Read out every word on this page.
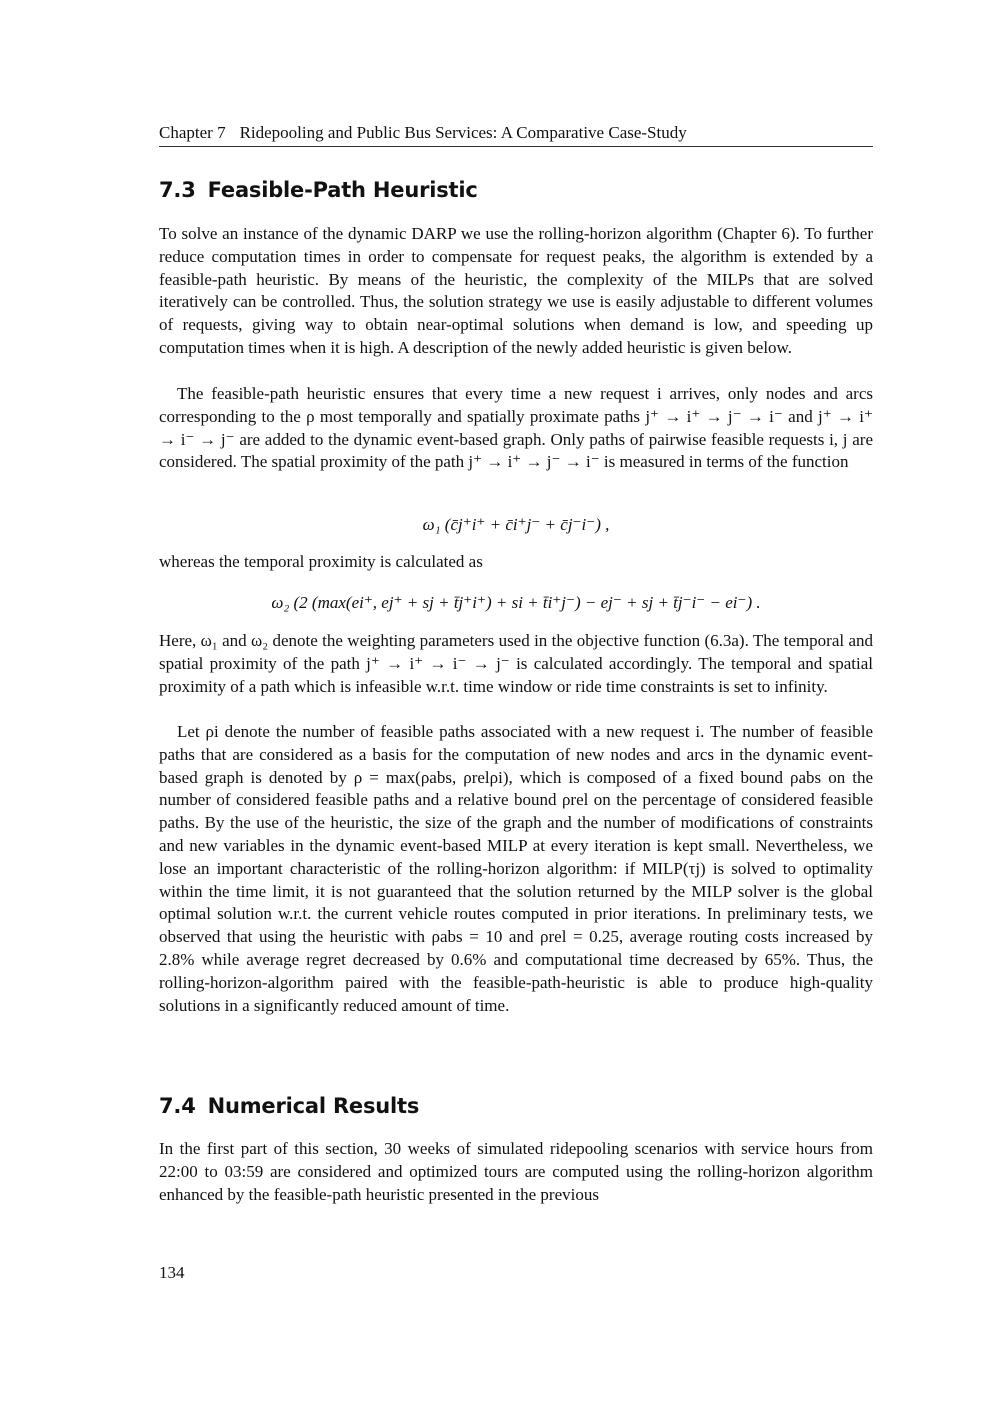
Chapter 7 Ridepooling and Public Bus Services: A Comparative Case-Study
7.3 Feasible-Path Heuristic

To solve an instance of the dynamic DARP we use the rolling-horizon algorithm (Chapter 6). To further reduce computation times in order to compensate for request peaks, the algorithm is extended by a feasible-path heuristic. By means of the heuristic, the complexity of the MILPs that are solved iteratively can be controlled. Thus, the solution strategy we use is easily adjustable to different volumes of requests, giving way to obtain near-optimal solutions when demand is low, and speeding up computation times when it is high. A description of the newly added heuristic is given below.

The feasible-path heuristic ensures that every time a new request i arrives, only nodes and arcs corresponding to the ρ most temporally and spatially proximate paths j⁺ → i⁺ → j⁻ → i⁻ and j⁺ → i⁺ → i⁻ → j⁻ are added to the dynamic event-based graph. Only paths of pairwise feasible requests i, j are considered. The spatial proximity of the path j⁺ → i⁺ → j⁻ → i⁻ is measured in terms of the function

ω₁ (c̄j⁺i⁺ + c̄i⁺j⁻ + c̄j⁻i⁻) ,

whereas the temporal proximity is calculated as

ω₂ (2 (max(ei⁺, ej⁺ + sj + t̄j⁺i⁺) + si + t̄i⁺j⁻) − ej⁻ + sj + t̄j⁻i⁻ − ei⁻) .

Here, ω₁ and ω₂ denote the weighting parameters used in the objective function (6.3a). The temporal and spatial proximity of the path j⁺ → i⁺ → i⁻ → j⁻ is calculated accordingly. The temporal and spatial proximity of a path which is infeasible w.r.t. time window or ride time constraints is set to infinity.

Let ρi denote the number of feasible paths associated with a new request i. The number of feasible paths that are considered as a basis for the computation of new nodes and arcs in the dynamic event-based graph is denoted by ρ = max(ρabs, ρrelρi), which is composed of a fixed bound ρabs on the number of considered feasible paths and a relative bound ρrel on the percentage of considered feasible paths. By the use of the heuristic, the size of the graph and the number of modifications of constraints and new variables in the dynamic event-based MILP at every iteration is kept small. Nevertheless, we lose an important characteristic of the rolling-horizon algorithm: if MILP(τj) is solved to optimality within the time limit, it is not guaranteed that the solution returned by the MILP solver is the global optimal solution w.r.t. the current vehicle routes computed in prior iterations. In preliminary tests, we observed that using the heuristic with ρabs = 10 and ρrel = 0.25, average routing costs increased by 2.8% while average regret decreased by 0.6% and computational time decreased by 65%. Thus, the rolling-horizon-algorithm paired with the feasible-path-heuristic is able to produce high-quality solutions in a significantly reduced amount of time.

7.4 Numerical Results

In the first part of this section, 30 weeks of simulated ridepooling scenarios with service hours from 22:00 to 03:59 are considered and optimized tours are computed using the rolling-horizon algorithm enhanced by the feasible-path heuristic presented in the previous

134
